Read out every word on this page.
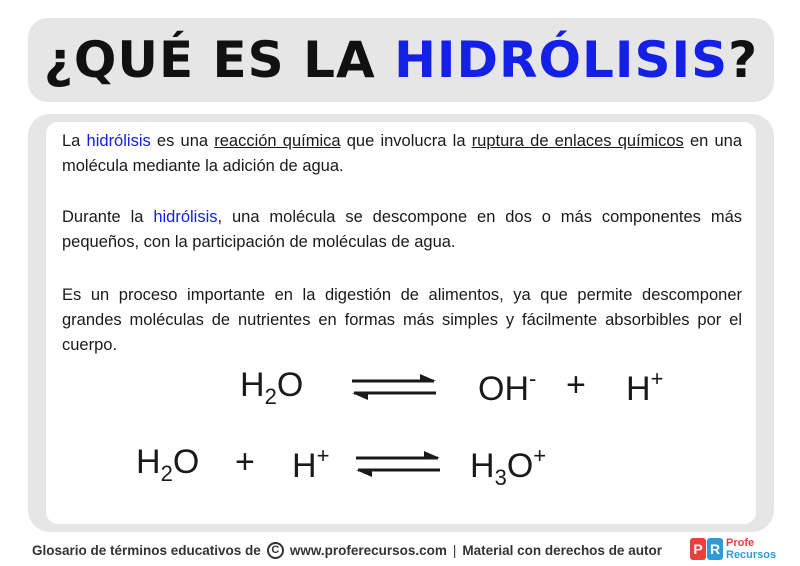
¿QUÉ ES LA HIDRÓLISIS?

La hidrólisis es una reacción química que involucra la ruptura de enlaces químicos en una molécula mediante la adición de agua.

Durante la hidrólisis, una molécula se descompone en dos o más componentes más pequeños, con la participación de moléculas de agua.

Es un proceso importante en la digestión de alimentos, ya que permite descomponer grandes moléculas de nutrientes en formas más simples y fácilmente absorbibles por el cuerpo.

$H_2O$	OH- + H+
$H_2O + H^+$	$H_3O^+$
Glosario de términos educativos de C www.proferecursos.com | Material con derechos de autor P R Profe
Recursos
